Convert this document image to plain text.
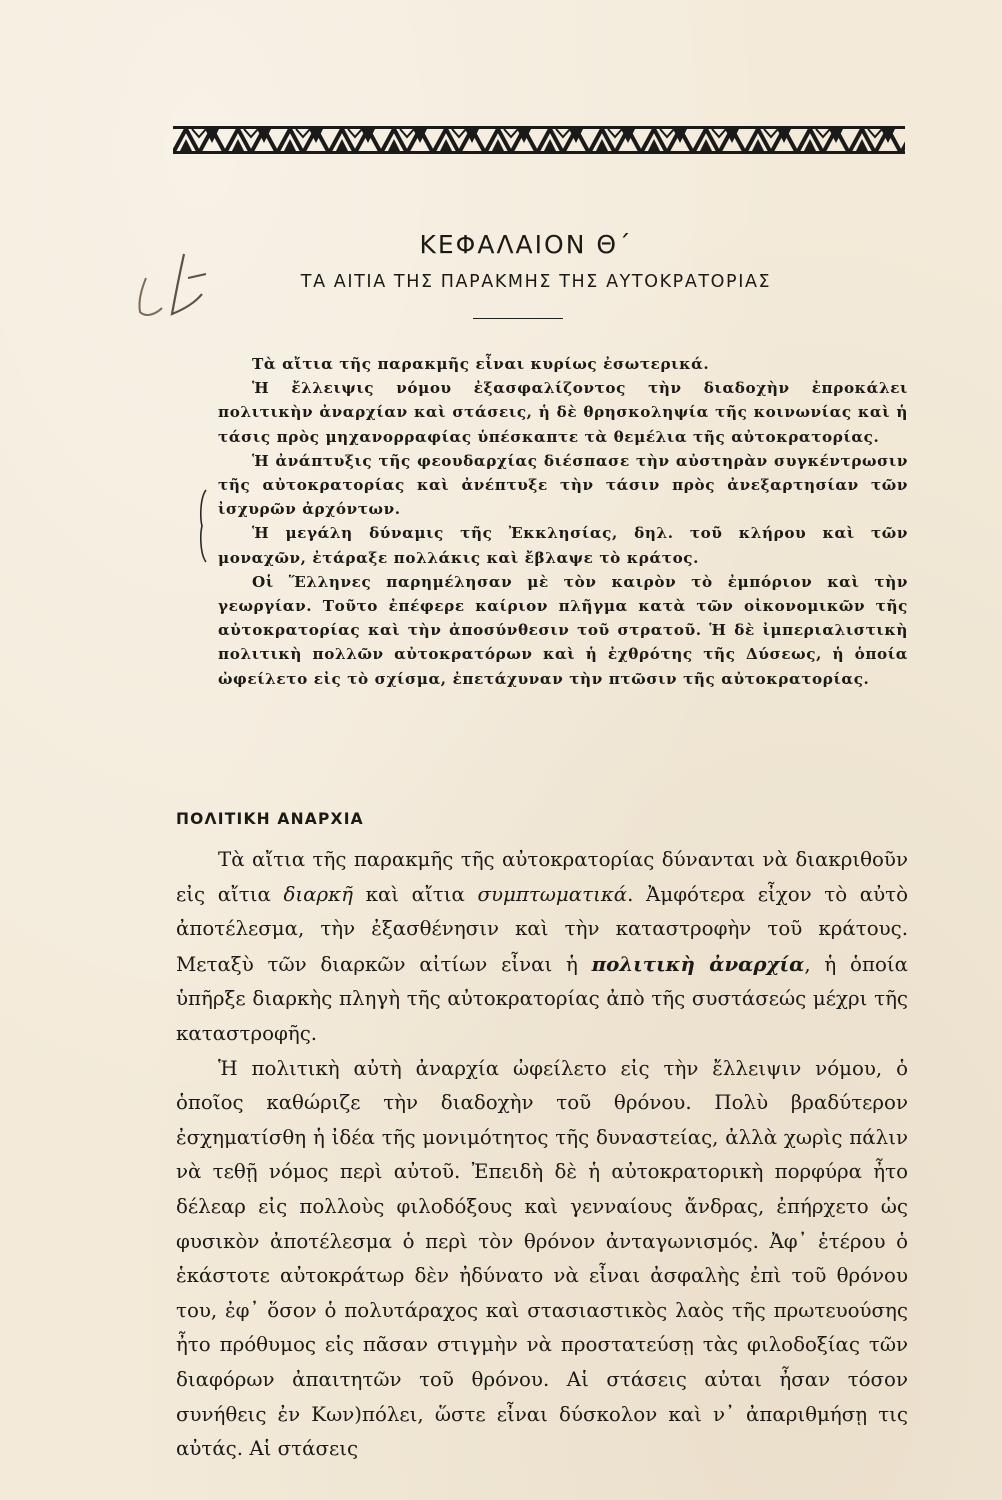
ΚΕΦΑΛΑΙΟΝ Θ΄
ΤΑ ΑΙΤΙΑ ΤΗΣ ΠΑΡΑΚΜΗΣ ΤΗΣ ΑΥΤΟΚΡΑΤΟΡΙΑΣ

Τὰ αἴτια τῆς παρακμῆς εἶναι κυρίως ἐσωτερικά.

Ἡ ἔλλειψις νόμου ἐξασφαλίζοντος τὴν διαδοχὴν ἐπροκάλει πολιτικὴν ἀναρχίαν καὶ στάσεις, ἡ δὲ θρησκοληψία τῆς κοινωνίας καὶ ἡ τάσις πρὸς μηχανορραφίας ὑπέσκαπτε τὰ θεμέλια τῆς αὐτοκρατορίας.

Ἡ ἀνάπτυξις τῆς φεουδαρχίας διέσπασε τὴν αὐστηρὰν συγκέντρωσιν τῆς αὐτοκρατορίας καὶ ἀνέπτυξε τὴν τάσιν πρὸς ἀνεξαρτησίαν τῶν ἰσχυρῶν ἀρχόντων.

Ἡ μεγάλη δύναμις τῆς Ἐκκλησίας, δηλ. τοῦ κλήρου καὶ τῶν μοναχῶν, ἐτάραξε πολλάκις καὶ ἔβλαψε τὸ κράτος.

Οἱ Ἕλληνες παρημέλησαν μὲ τὸν καιρὸν τὸ ἐμπόριον καὶ τὴν γεωργίαν. Τοῦτο ἐπέφερε καίριον πλῆγμα κατὰ τῶν οἰκονομικῶν τῆς αὐτοκρατορίας καὶ τὴν ἀποσύνθεσιν τοῦ στρατοῦ. Ἡ δὲ ἰμπεριαλιστικὴ πολιτικὴ πολλῶν αὐτοκρατόρων καὶ ἡ ἐχθρότης τῆς Δύσεως, ἡ ὁποία ὠφείλετο εἰς τὸ σχίσμα, ἐπετάχυναν τὴν πτῶσιν τῆς αὐτοκρατορίας.

ΠΟΛΙΤΙΚΗ ΑΝΑΡΧΙΑ

Τὰ αἴτια τῆς παρακμῆς τῆς αὐτοκρατορίας δύνανται νὰ διακριθοῦν εἰς αἴτια διαρκῆ καὶ αἴτια συμπτωματικά. Ἀμφότερα εἶχον τὸ αὐτὸ ἀποτέλεσμα, τὴν ἐξασθένησιν καὶ τὴν καταστροφὴν τοῦ κράτους. Μεταξὺ τῶν διαρκῶν αἰτίων εἶναι ἡ πολιτικὴ ἀναρχία, ἡ ὁποία ὑπῆρξε διαρκὴς πληγὴ τῆς αὐτοκρατορίας ἀπὸ τῆς συστάσεώς μέχρι τῆς καταστροφῆς.

Ἡ πολιτικὴ αὐτὴ ἀναρχία ὠφείλετο εἰς τὴν ἔλλειψιν νόμου, ὁ ὁποῖος καθώριζε τὴν διαδοχὴν τοῦ θρόνου. Πολὺ βραδύτερον ἐσχηματίσθη ἡ ἰδέα τῆς μονιμότητος τῆς δυναστείας, ἀλλὰ χωρὶς πάλιν νὰ τεθῇ νόμος περὶ αὐτοῦ. Ἐπειδὴ δὲ ἡ αὐτοκρατορικὴ πορφύρα ἦτο δέλεαρ εἰς πολλοὺς φιλοδόξους καὶ γενναίους ἄνδρας, ἐπήρχετο ὡς φυσικὸν ἀποτέλεσμα ὁ περὶ τὸν θρόνον ἀνταγωνισμός. Ἀφ᾽ ἑτέρου ὁ ἑκάστοτε αὐτοκράτωρ δὲν ἠδύνατο νὰ εἶναι ἀσφαλὴς ἐπὶ τοῦ θρόνου του, ἐφ᾽ ὅσον ὁ πολυτάραχος καὶ στασιαστικὸς λαὸς τῆς πρωτευούσης ἦτο πρόθυμος εἰς πᾶσαν στιγμὴν νὰ προστατεύσῃ τὰς φιλοδοξίας τῶν διαφόρων ἀπαιτητῶν τοῦ θρόνου. Αἱ στάσεις αὐται ἦσαν τόσον συνήθεις ἐν Κων)πόλει, ὥστε εἶναι δύσκολον καὶ ν᾽ ἀπαριθμήσῃ τις αὐτάς. Αἱ στάσεις
